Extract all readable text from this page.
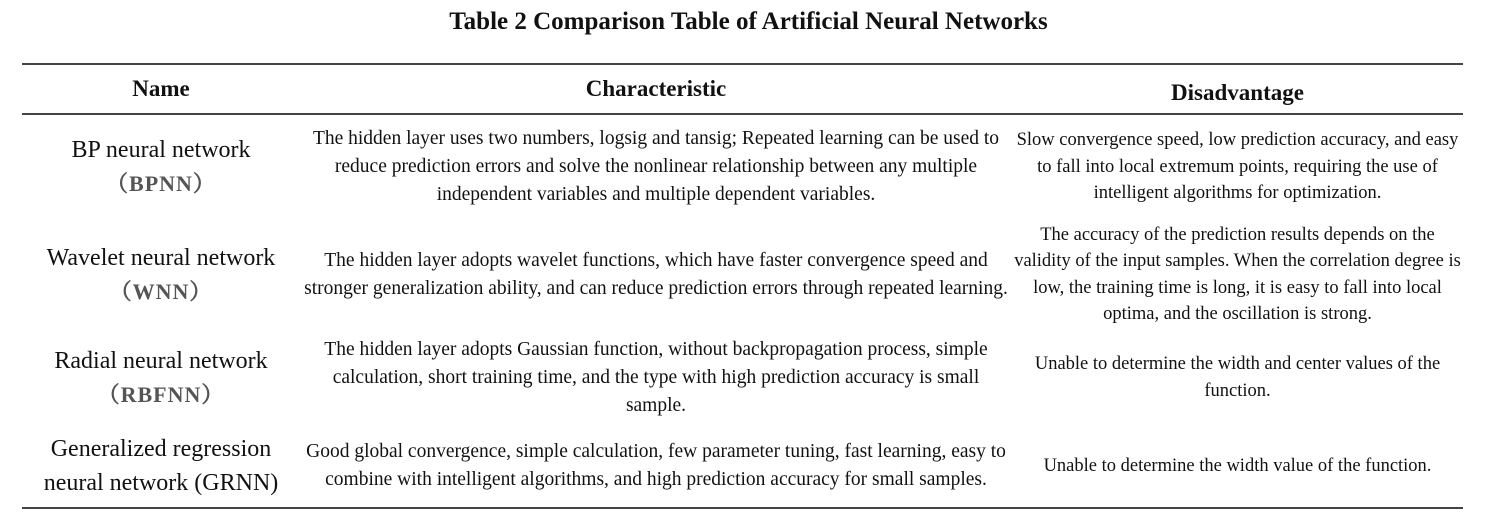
Table 2 Comparison Table of Artificial Neural Networks
Name	Characteristic	Disadvantage
BP neural network
（BPNN）	The hidden layer uses two numbers, logsig and tansig; Repeated learning can be used to reduce prediction errors and solve the nonlinear relationship between any multiple independent variables and multiple dependent variables.	Slow convergence speed, low prediction accuracy, and easy to fall into local extremum points, requiring the use of intelligent algorithms for optimization.
Wavelet neural network
（WNN）	The hidden layer adopts wavelet functions, which have faster convergence speed and stronger generalization ability, and can reduce prediction errors through repeated learning.	The accuracy of the prediction results depends on the validity of the input samples. When the correlation degree is low, the training time is long, it is easy to fall into local optima, and the oscillation is strong.
Radial neural network
（RBFNN）	The hidden layer adopts Gaussian function, without backpropagation process, simple calculation, short training time, and the type with high prediction accuracy is small sample.	Unable to determine the width and center values of the function.
Generalized regression neural network (GRNN)	Good global convergence, simple calculation, few parameter tuning, fast learning, easy to combine with intelligent algorithms, and high prediction accuracy for small samples.	Unable to determine the width value of the function.
